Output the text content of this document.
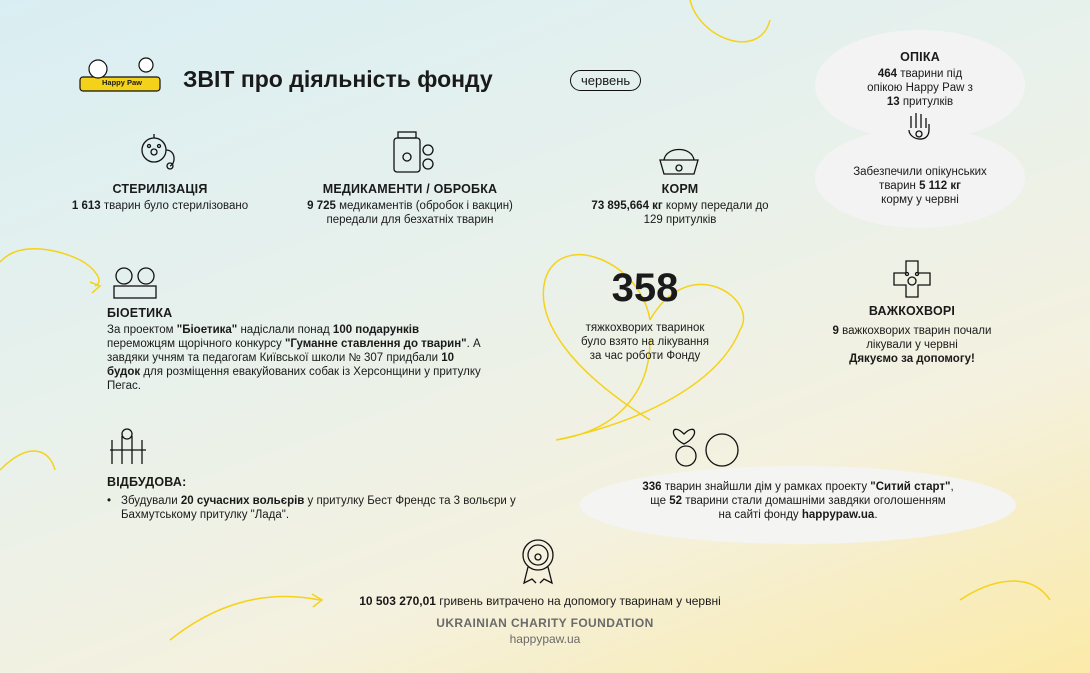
Happy Paw ЗВІТ про діяльність фонду	червень
ОПІКА
464 тварини під
опікою Happy Paw з
13 притулків
Забезпечили опікунських
тварин 5 112 кг
корму у червні
СТЕРИЛІЗАЦІЯ
1 613 тварин було стерилізовано
МЕДИКАМЕНТИ / ОБРОБКА
9 725 медикаментів (обробок і вакцин)
передали для безхатніх тварин
КОРМ
73 895,664 кг корму передали до
129 притулків
БІОЕТИКА
За проектом "Біоетика" надіслали понад 100 подарунків переможцям щорічного конкурсу "Гуманне ставлення до тварин". А завдяки учням та педагогам Київської школи № 307 придбали 10 будок для розміщення евакуйованих собак із Херсонщини у притулку Пегас.
358
тяжкохворих тваринок
було взято на лікування
за час роботи Фонду
ВАЖКОХВОРІ
9 важкохворих тварин почали
лікували у червні
Дякуємо за допомогу!
ВІДБУДОВА:
• Збудували 20 сучасних вольєрів у притулку Бест Френдс та 3 вольєри у Бахмутському притулку "Лада".
336 тварин знайшли дім у рамках проекту "Ситий старт",
ще 52 тварини стали домашніми завдяки оголошенням
на сайті фонду happypaw.ua.
10 503 270,01 гривень витрачено на допомогу тваринам у червні
UKRAINIAN CHARITY FOUNDATION
happypaw.ua
